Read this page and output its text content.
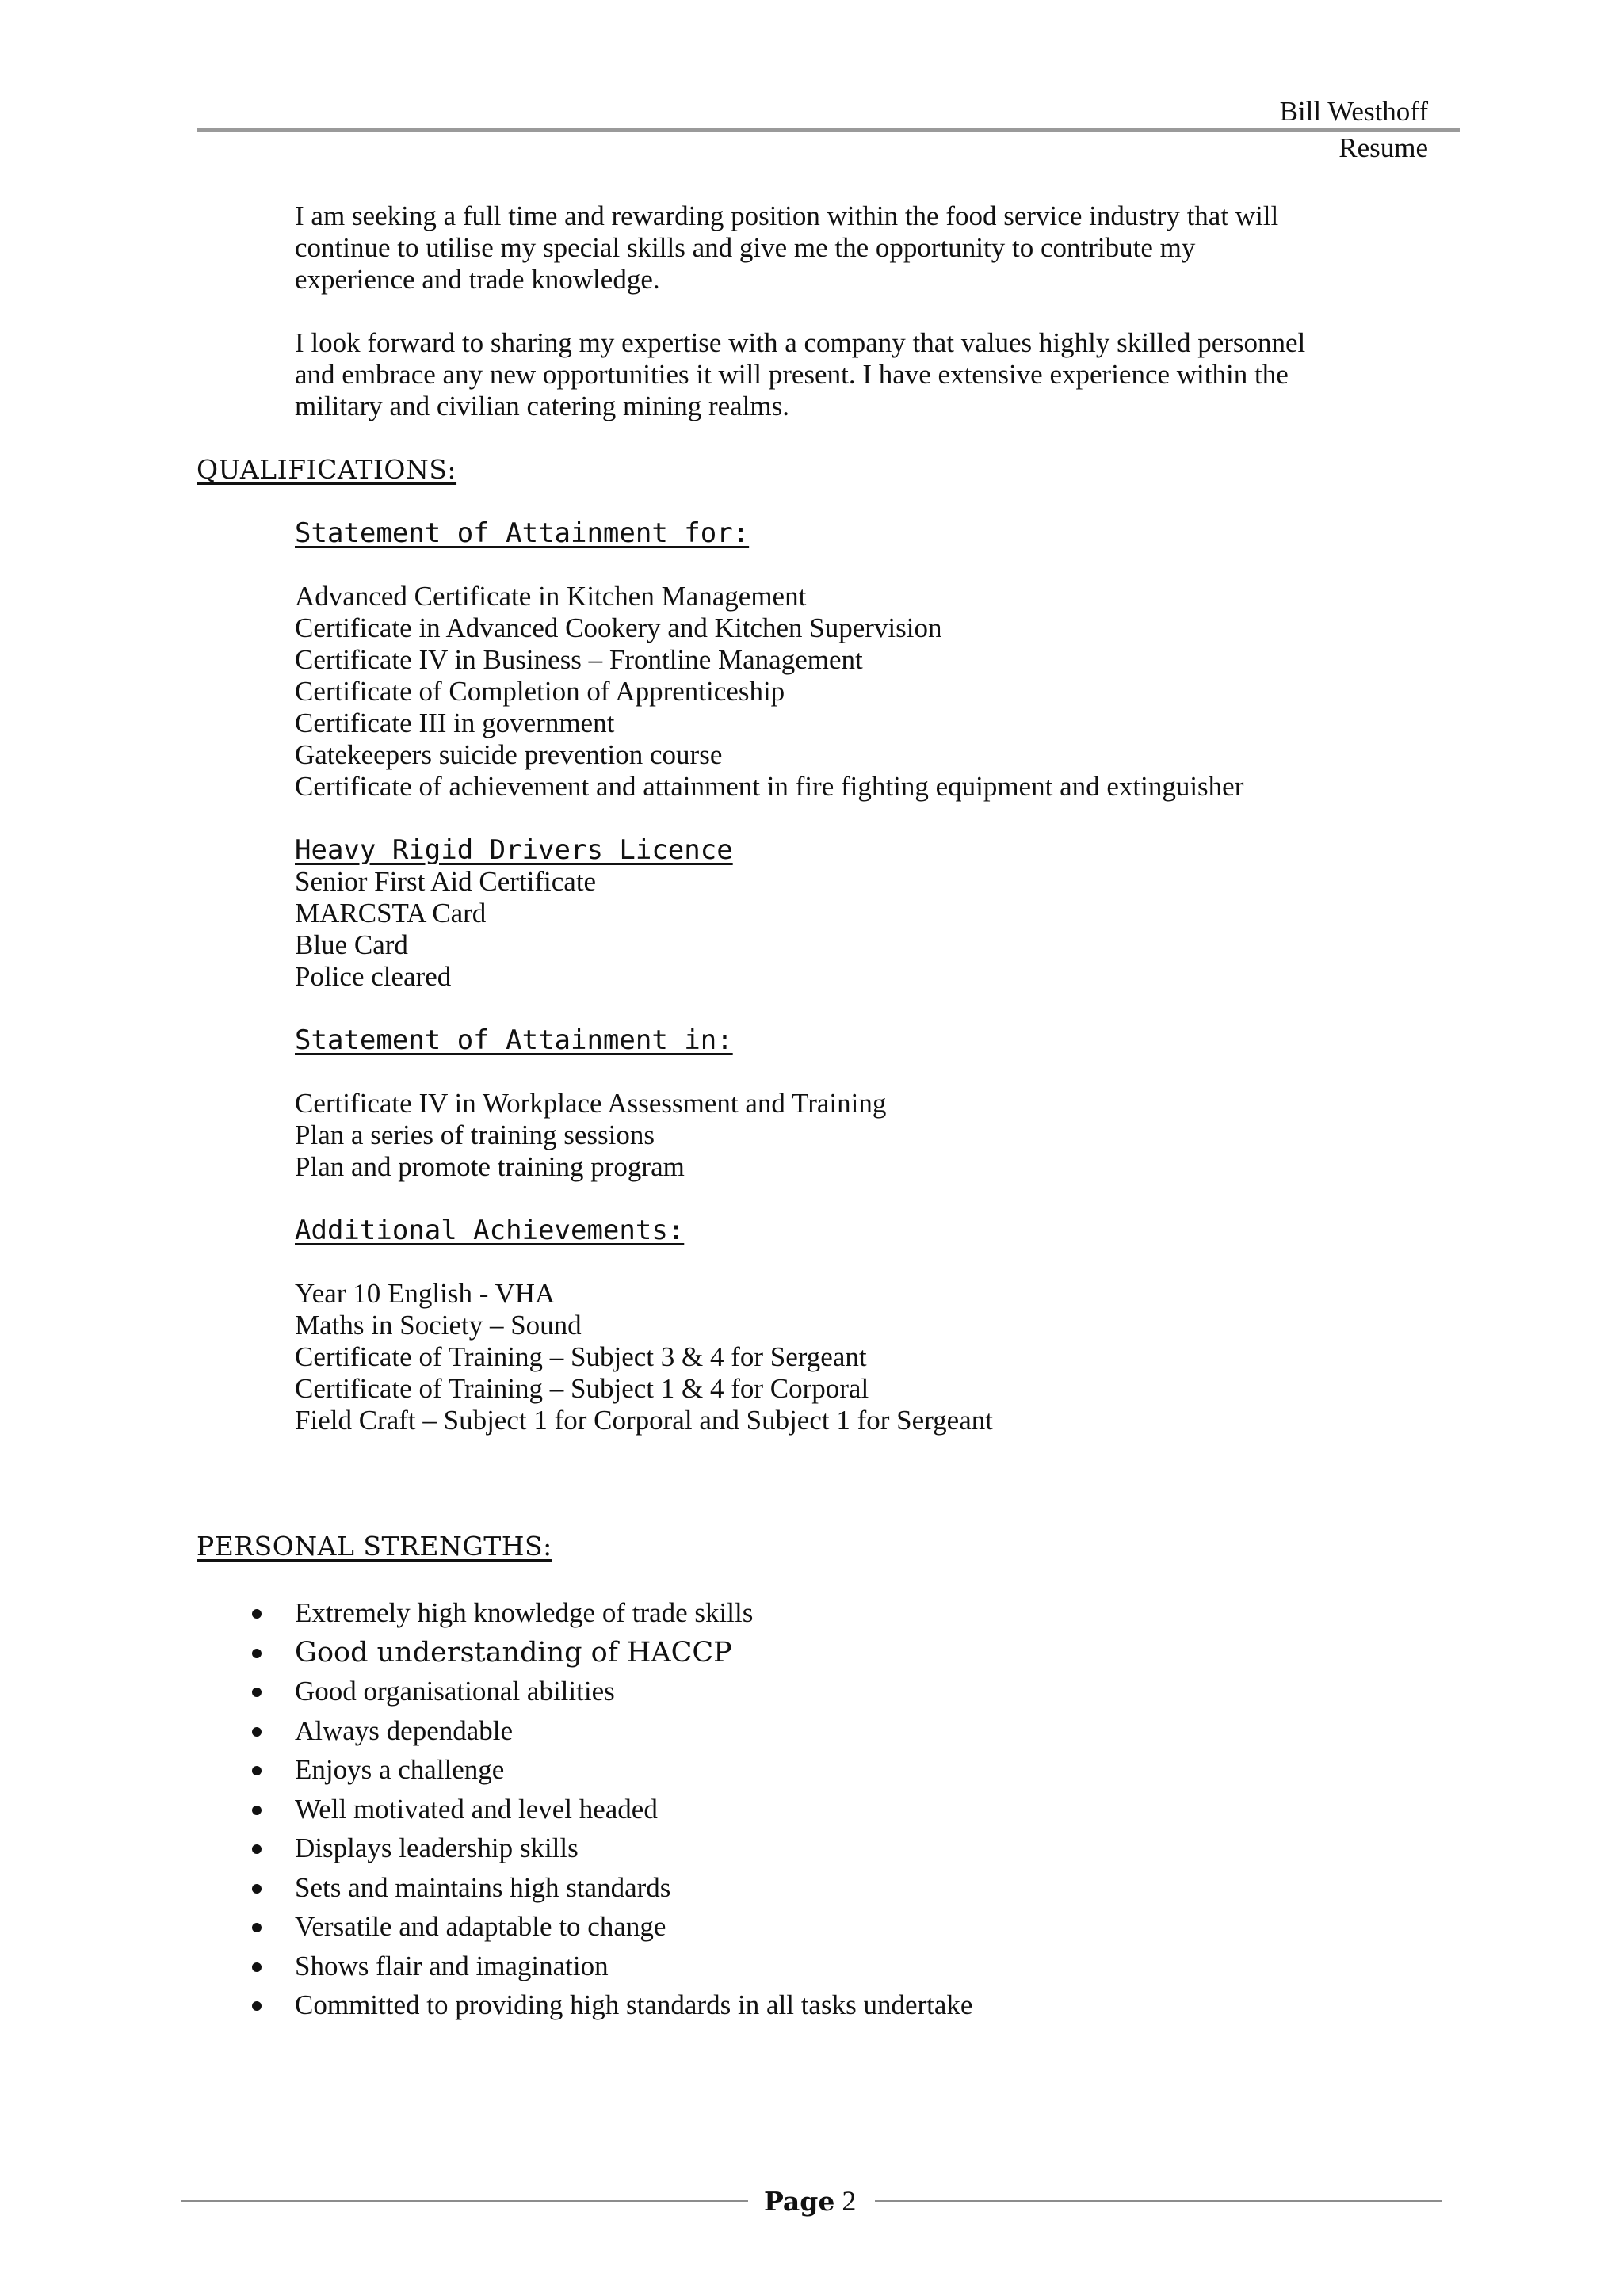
Bill Westhoff
Resume
I am seeking a full time and rewarding position within the food service industry that will
continue to utilise my special skills and give me the opportunity to contribute my
experience and trade knowledge.
I look forward to sharing my expertise with a company that values highly skilled personnel
and embrace any new opportunities it will present. I have extensive experience within the
military and civilian catering mining realms.
QUALIFICATIONS:
Statement of Attainment for:
Advanced Certificate in Kitchen Management
Certificate in Advanced Cookery and Kitchen Supervision
Certificate IV in Business – Frontline Management
Certificate of Completion of Apprenticeship
Certificate III in government
Gatekeepers suicide prevention course
Certificate of achievement and attainment in fire fighting equipment and extinguisher
Heavy Rigid Drivers Licence
Senior First Aid Certificate
MARCSTA Card
Blue Card
Police cleared
Statement of Attainment in:
Certificate IV in Workplace Assessment and Training
Plan a series of training sessions
Plan and promote training program
Additional Achievements:
Year 10 English - VHA
Maths in Society – Sound
Certificate of Training – Subject 3 & 4 for Sergeant
Certificate of Training – Subject 1 & 4 for Corporal
Field Craft – Subject 1 for Corporal and Subject 1 for Sergeant
PERSONAL STRENGTHS:
Extremely high knowledge of trade skills
Good understanding of HACCP
Good organisational abilities
Always dependable
Enjoys a challenge
Well motivated and level headed
Displays leadership skills
Sets and maintains high standards
Versatile and adaptable to change
Shows flair and imagination
Committed to providing high standards in all tasks undertake
Page 2
